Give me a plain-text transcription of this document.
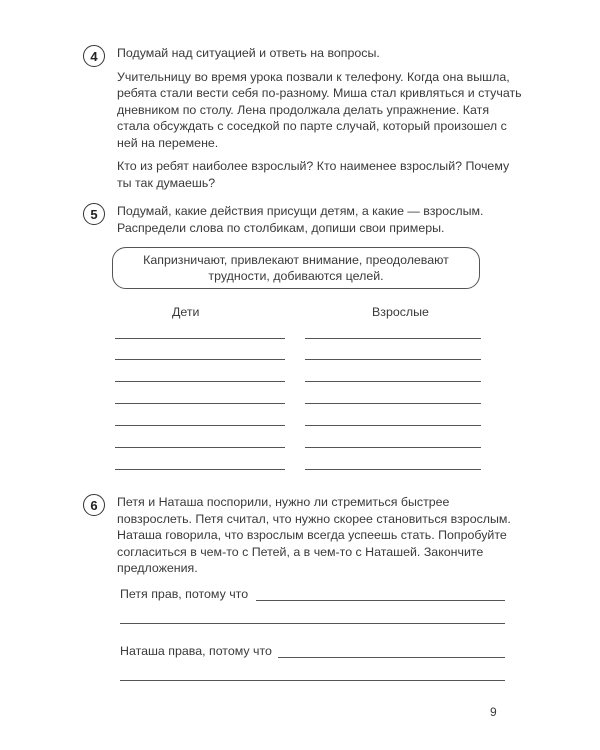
4	Подумай над ситуацией и ответь на вопросы.

Учительницу во время урока позвали к телефону. Когда она вышла, ребята стали вести себя по-разному. Миша стал кривляться и стучать дневником по столу. Лена продолжала делать упражнение. Катя стала обсуждать с соседкой по парте случай, который произошел с ней на перемене.

Кто из ребят наиболее взрослый? Кто наименее взрослый? Почему ты так думаешь?

5	Подумай, какие действия присущи детям, а какие — взрослым. Распредели слова по столбикам, допиши свои примеры.

Капризничают, привлекают внимание, преодолевают трудности, добиваются целей.
Дети	Взрослые
6	Петя и Наташа поспорили, нужно ли стремиться быстрее повзрослеть. Петя считал, что нужно скорее становиться взрослым. Наташа говорила, что взрослым всегда успеешь стать. Попробуйте согласиться в чем-то с Петей, а в чем-то с Наташей. Закончите предложения.

Петя прав, потому что
Наташа права, потому что
9
